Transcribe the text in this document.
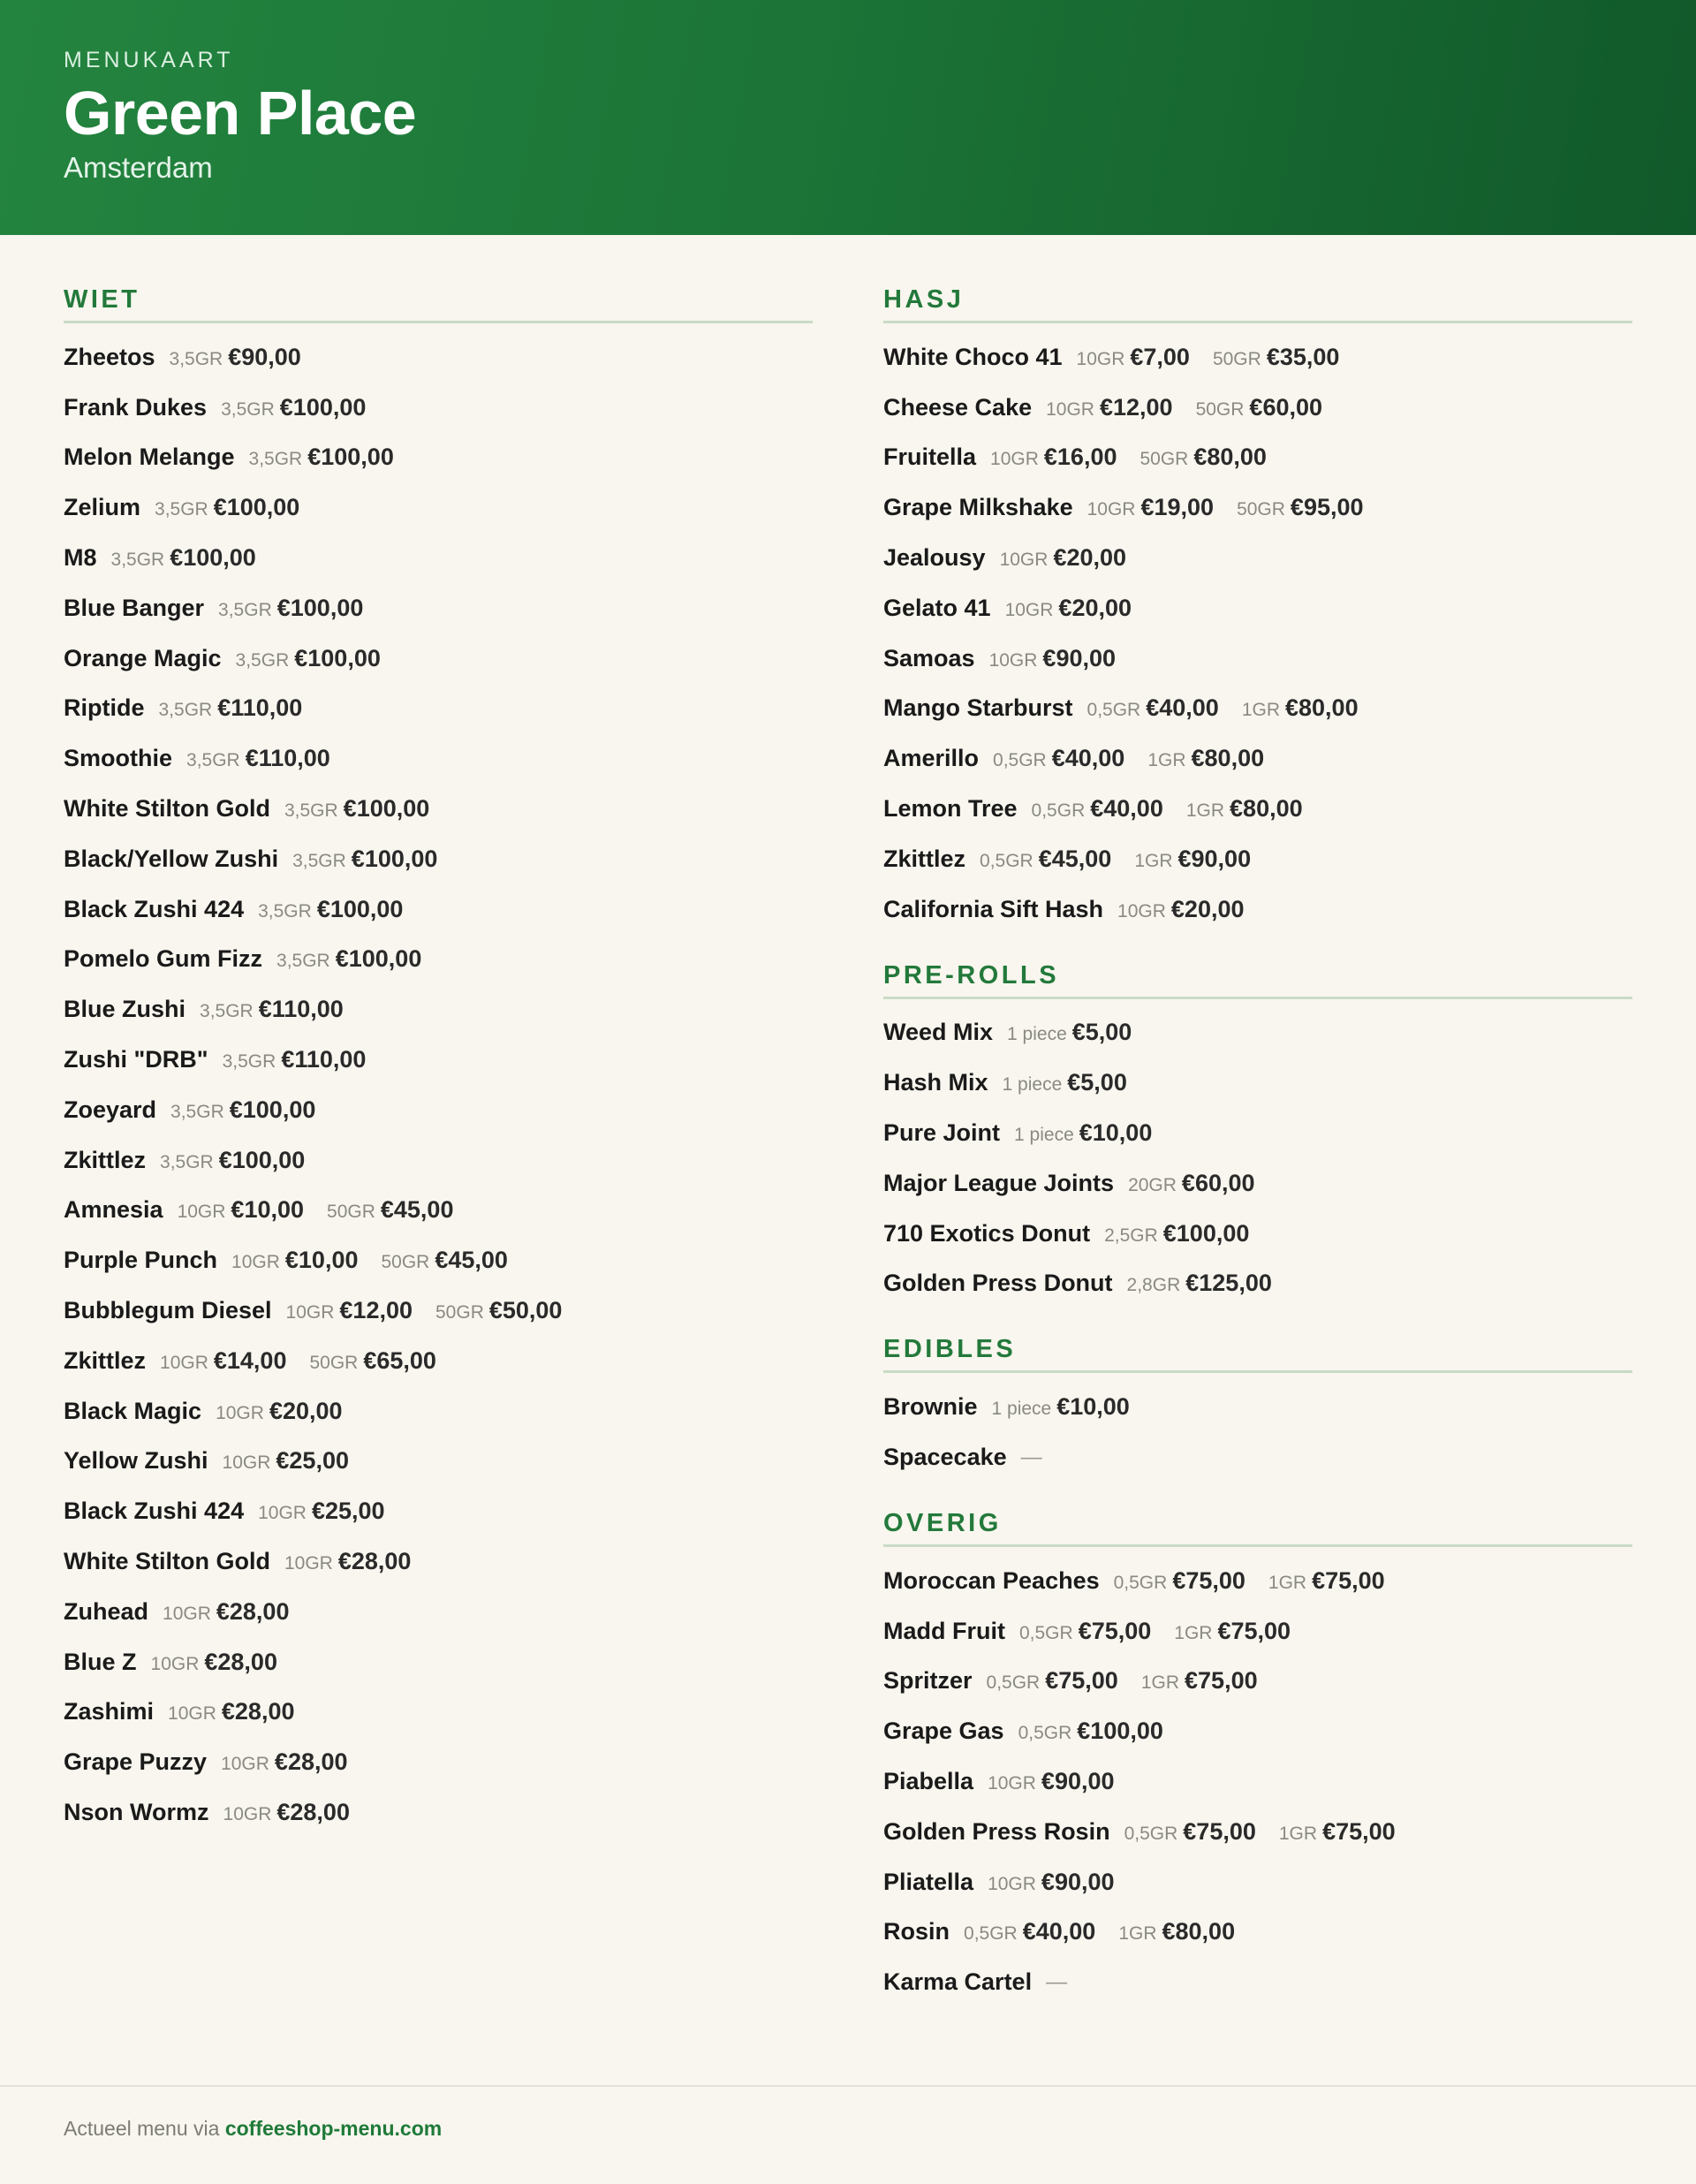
MENUKAART
Green Place
Amsterdam
WIET
Zheetos 3,5GR €90,00
Frank Dukes 3,5GR €100,00
Melon Melange 3,5GR €100,00
Zelium 3,5GR €100,00
M8 3,5GR €100,00
Blue Banger 3,5GR €100,00
Orange Magic 3,5GR €100,00
Riptide 3,5GR €110,00
Smoothie 3,5GR €110,00
White Stilton Gold 3,5GR €100,00
Black/Yellow Zushi 3,5GR €100,00
Black Zushi 424 3,5GR €100,00
Pomelo Gum Fizz 3,5GR €100,00
Blue Zushi 3,5GR €110,00
Zushi "DRB" 3,5GR €110,00
Zoeyard 3,5GR €100,00
Zkittlez 3,5GR €100,00
Amnesia 10GR €10,00 50GR €45,00
Purple Punch 10GR €10,00 50GR €45,00
Bubblegum Diesel 10GR €12,00 50GR €50,00
Zkittlez 10GR €14,00 50GR €65,00
Black Magic 10GR €20,00
Yellow Zushi 10GR €25,00
Black Zushi 424 10GR €25,00
White Stilton Gold 10GR €28,00
Zuhead 10GR €28,00
Blue Z 10GR €28,00
Zashimi 10GR €28,00
Grape Puzzy 10GR €28,00
Nson Wormz 10GR €28,00
HASJ
White Choco 41 10GR €7,00 50GR €35,00
Cheese Cake 10GR €12,00 50GR €60,00
Fruitella 10GR €16,00 50GR €80,00
Grape Milkshake 10GR €19,00 50GR €95,00
Jealousy 10GR €20,00
Gelato 41 10GR €20,00
Samoas 10GR €90,00
Mango Starburst 0,5GR €40,00 1GR €80,00
Amerillo 0,5GR €40,00 1GR €80,00
Lemon Tree 0,5GR €40,00 1GR €80,00
Zkittlez 0,5GR €45,00 1GR €90,00
California Sift Hash 10GR €20,00
PRE-ROLLS
Weed Mix 1 piece €5,00
Hash Mix 1 piece €5,00
Pure Joint 1 piece €10,00
Major League Joints 20GR €60,00
710 Exotics Donut 2,5GR €100,00
Golden Press Donut 2,8GR €125,00
EDIBLES
Brownie 1 piece €10,00
Spacecake —
OVERIG
Moroccan Peaches 0,5GR €75,00 1GR €75,00
Madd Fruit 0,5GR €75,00 1GR €75,00
Spritzer 0,5GR €75,00 1GR €75,00
Grape Gas 0,5GR €100,00
Piabella 10GR €90,00
Golden Press Rosin 0,5GR €75,00 1GR €75,00
Pliatella 10GR €90,00
Rosin 0,5GR €40,00 1GR €80,00
Karma Cartel —
Actueel menu via coffeeshop-menu.com
